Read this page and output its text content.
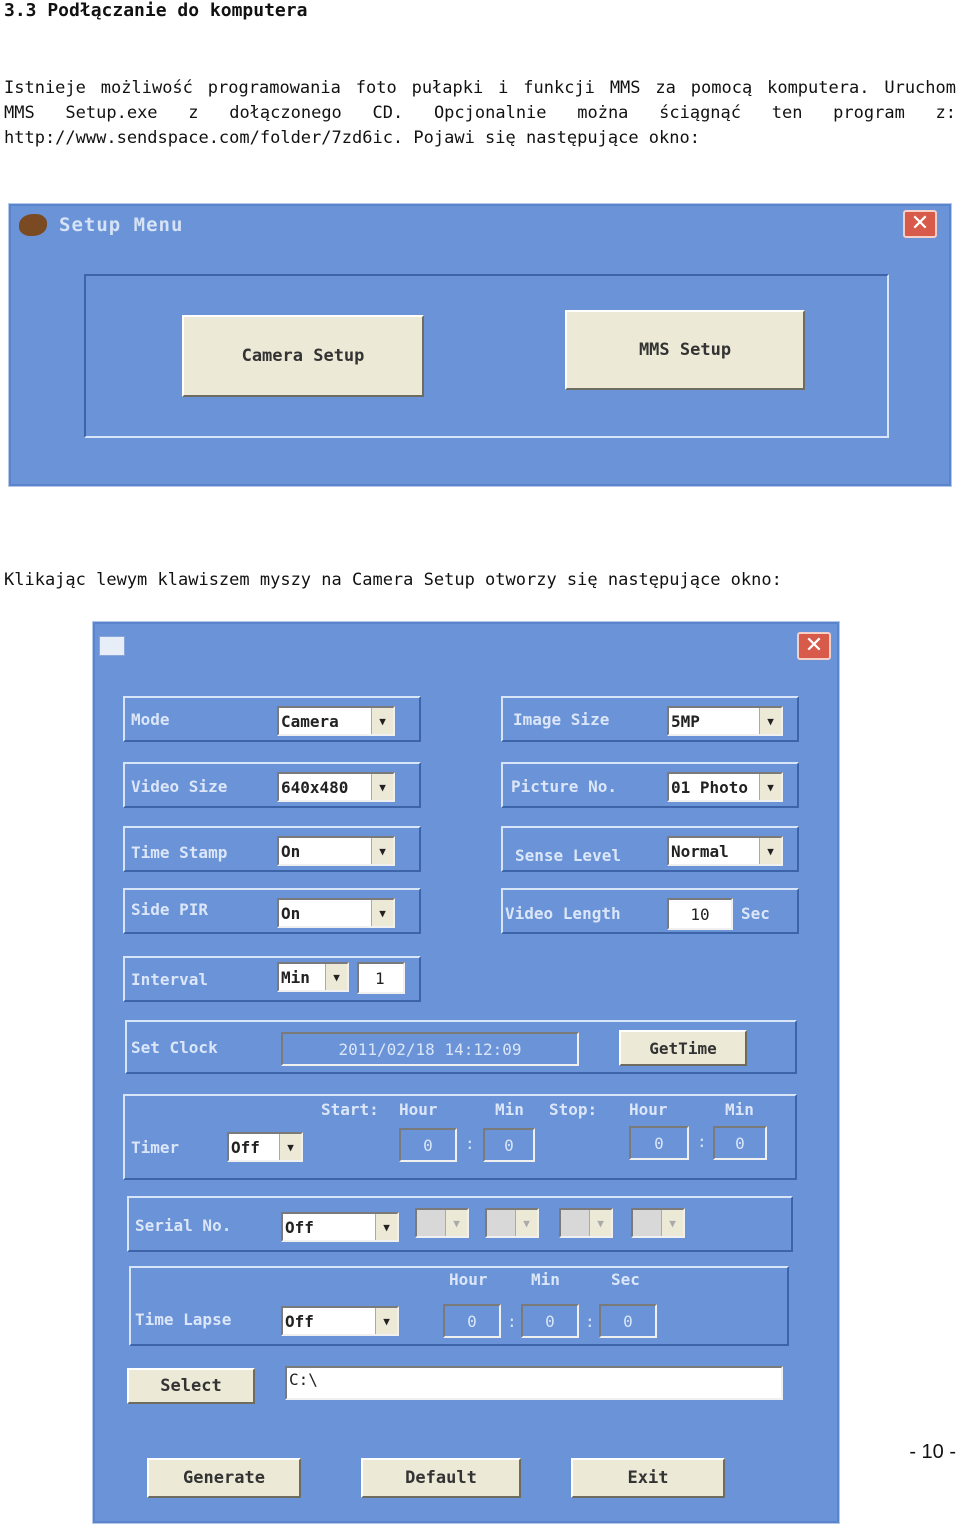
3.3 Podłączanie do komputera
Istnieje możliwość programowania foto pułapki i funkcji MMS za pomocą komputera. Uruchom
MMS Setup.exe z dołączonego CD. Opcjonalnie można ściągnąć ten program z:
http://www.sendspace.com/folder/7zd6ic. Pojawi się następujące okno:
Setup Menu	✕
Camera Setup	MMS Setup
Klikając lewym klawiszem myszy na Camera Setup otworzy się następujące okno:
✕
Mode	Camera	▼	Image Size	5MP	▼
Video Size	640x480	▼	Picture No.	01 Photo	▼
Time Stamp	On	▼	Sense Level	Normal	▼
Side PIR	On	▼	Video Length	10	Sec
Interval	Min	▼	1
Set Clock	2011/02/18 14:12:09	GetTime
Start: Hour	Min Stop: Hour	Min
Timer	Off	▼	0	:	0	0	:	0
Serial No.	Off	▼	▼	▼	▼	▼
Hour	Min	Sec
Time Lapse	Off	▼	0	:	0	:	0
Select	C:\
Generate	Default	Exit
- 10 -
